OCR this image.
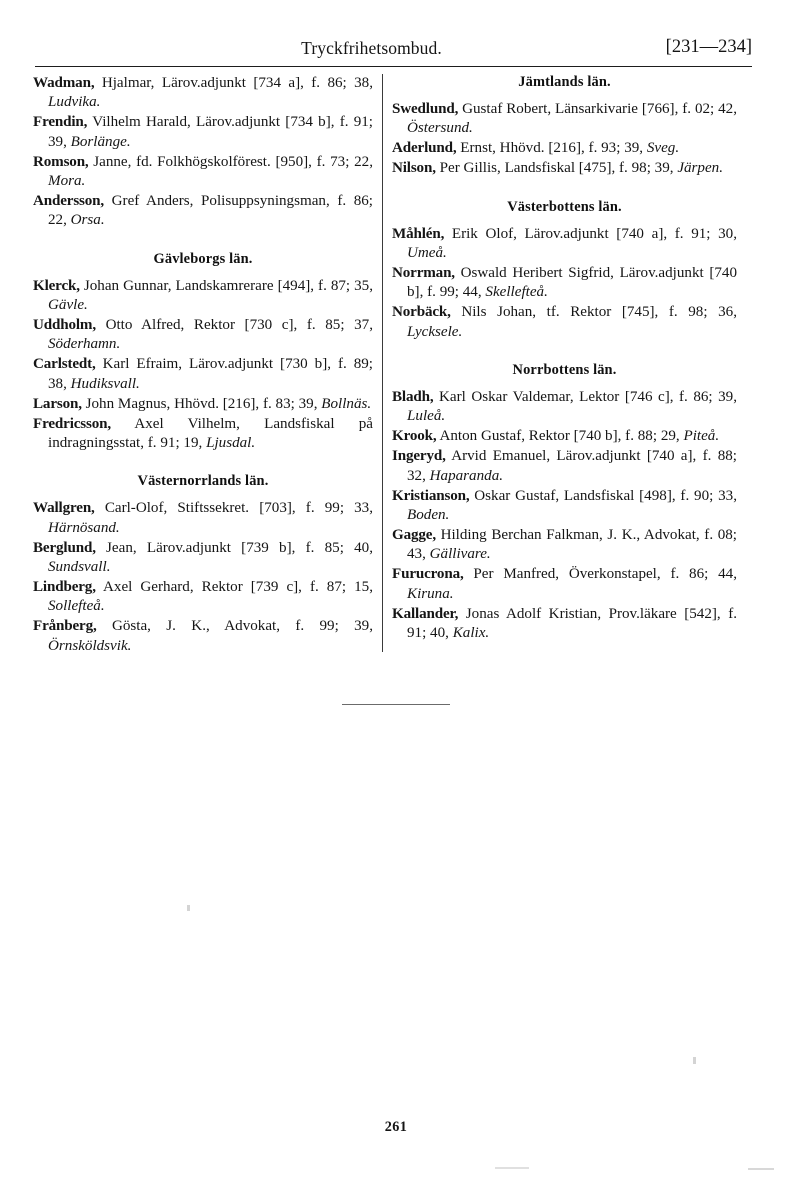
Tryckfrihetsombud.	[231—234]

Wadman, Hjalmar, Lärov.adjunkt [734 a], f. 86; 38, Ludvika.

Frendin, Vilhelm Harald, Lärov.adjunkt [734 b], f. 91; 39, Borlänge.

Romson, Janne, fd. Folkhögskolförest. [950], f. 73; 22, Mora.

Andersson, Gref Anders, Polisuppsyningsman, f. 86; 22, Orsa.

Gävleborgs län.

Klerck, Johan Gunnar, Landskamrerare [494], f. 87; 35, Gävle.

Uddholm, Otto Alfred, Rektor [730 c], f. 85; 37, Söderhamn.

Carlstedt, Karl Efraim, Lärov.adjunkt [730 b], f. 89; 38, Hudiksvall.

Larson, John Magnus, Hhövd. [216], f. 83; 39, Bollnäs.

Fredricsson, Axel Vilhelm, Landsfiskal på indragningsstat, f. 91; 19, Ljusdal.

Västernorrlands län.

Wallgren, Carl-Olof, Stiftssekret. [703], f. 99; 33, Härnösand.

Berglund, Jean, Lärov.adjunkt [739 b], f. 85; 40, Sundsvall.

Lindberg, Axel Gerhard, Rektor [739 c], f. 87; 15, Sollefteå.

Frånberg, Gösta, J. K., Advokat, f. 99; 39, Örnsköldsvik.

Jämtlands län.

Swedlund, Gustaf Robert, Länsarkivarie [766], f. 02; 42, Östersund.

Aderlund, Ernst, Hhövd. [216], f. 93; 39, Sveg.

Nilson, Per Gillis, Landsfiskal [475], f. 98; 39, Järpen.

Västerbottens län.

Måhlén, Erik Olof, Lärov.adjunkt [740 a], f. 91; 30, Umeå.

Norrman, Oswald Heribert Sigfrid, Lärov.adjunkt [740 b], f. 99; 44, Skellefteå.

Norbäck, Nils Johan, tf. Rektor [745], f. 98; 36, Lycksele.

Norrbottens län.

Bladh, Karl Oskar Valdemar, Lektor [746 c], f. 86; 39, Luleå.

Krook, Anton Gustaf, Rektor [740 b], f. 88; 29, Piteå.

Ingeryd, Arvid Emanuel, Lärov.adjunkt [740 a], f. 88; 32, Haparanda.

Kristianson, Oskar Gustaf, Landsfiskal [498], f. 90; 33, Boden.

Gagge, Hilding Berchan Falkman, J. K., Advokat, f. 08; 43, Gällivare.

Furucrona, Per Manfred, Överkonstapel, f. 86; 44, Kiruna.

Kallander, Jonas Adolf Kristian, Prov.läkare [542], f. 91; 40, Kalix.

261
